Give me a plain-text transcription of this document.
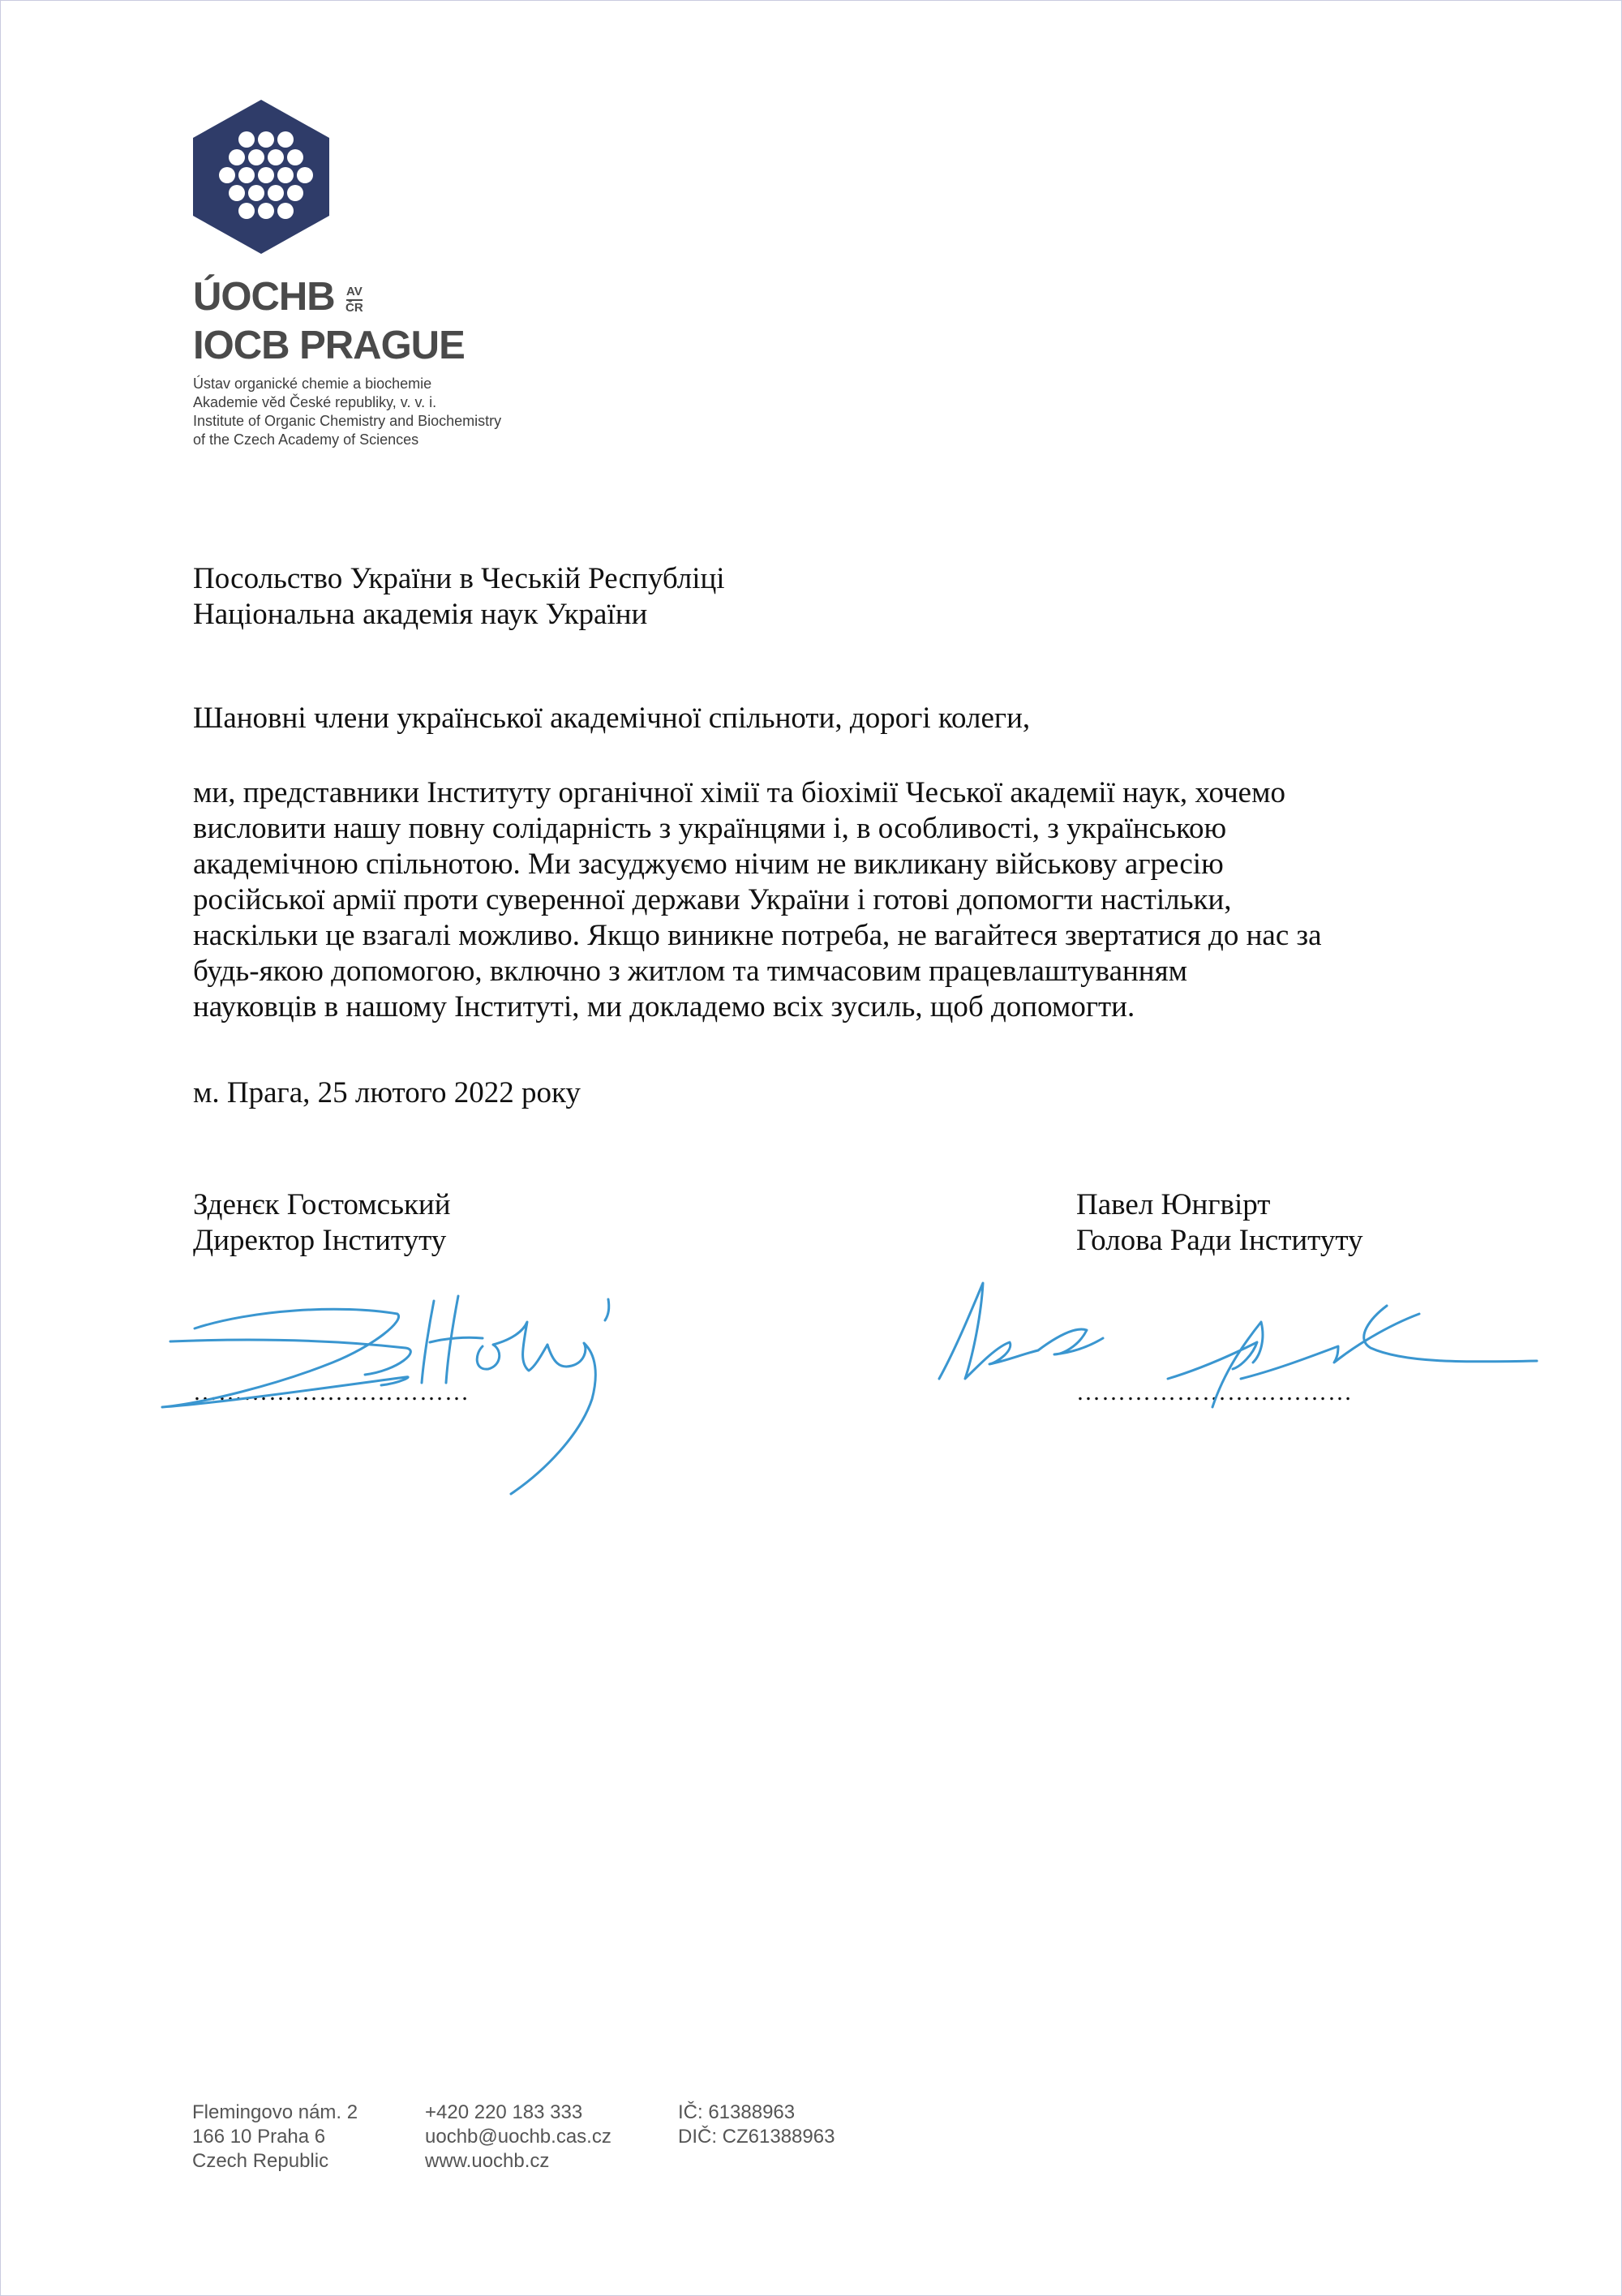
ÚOCHB AV
ČR
IOCB PRAGUE
Ústav organické chemie a biochemie
Akademie věd České republiky, v. v. i.
Institute of Organic Chemistry and Biochemistry
of the Czech Academy of Sciences
Посольство України в Чеській Республіці
Національна академія наук України
Шановні члени української академічної спільноти, дорогі колеги,
ми, представники Інституту органічної хімії та біохімії Чеської академії наук, хочемо
висловити нашу повну солідарність з українцями і, в особливості, з українською
академічною спільнотою. Ми засуджуємо нічим не викликану військову агресію
російської армії проти суверенної держави України і готові допомогти настільки,
наскільки це взагалі можливо. Якщо виникне потреба, не вагайтеся звертатися до нас за
будь-якою допомогою, включно з житлом та тимчасовим працевлаштуванням
науковців в нашому Інституті, ми докладемо всіх зусиль, щоб допомогти.
м. Прага, 25 лютого 2022 року
Зденєк Гостомський
Директор Інституту
……………………………
Павел Юнгвірт
Голова Ради Інституту
……………………………
Flemingovo nám. 2
166 10 Praha 6
Czech Republic
+420 220 183 333
uochb@uochb.cas.cz
www.uochb.cz
IČ: 61388963
DIČ: CZ61388963
